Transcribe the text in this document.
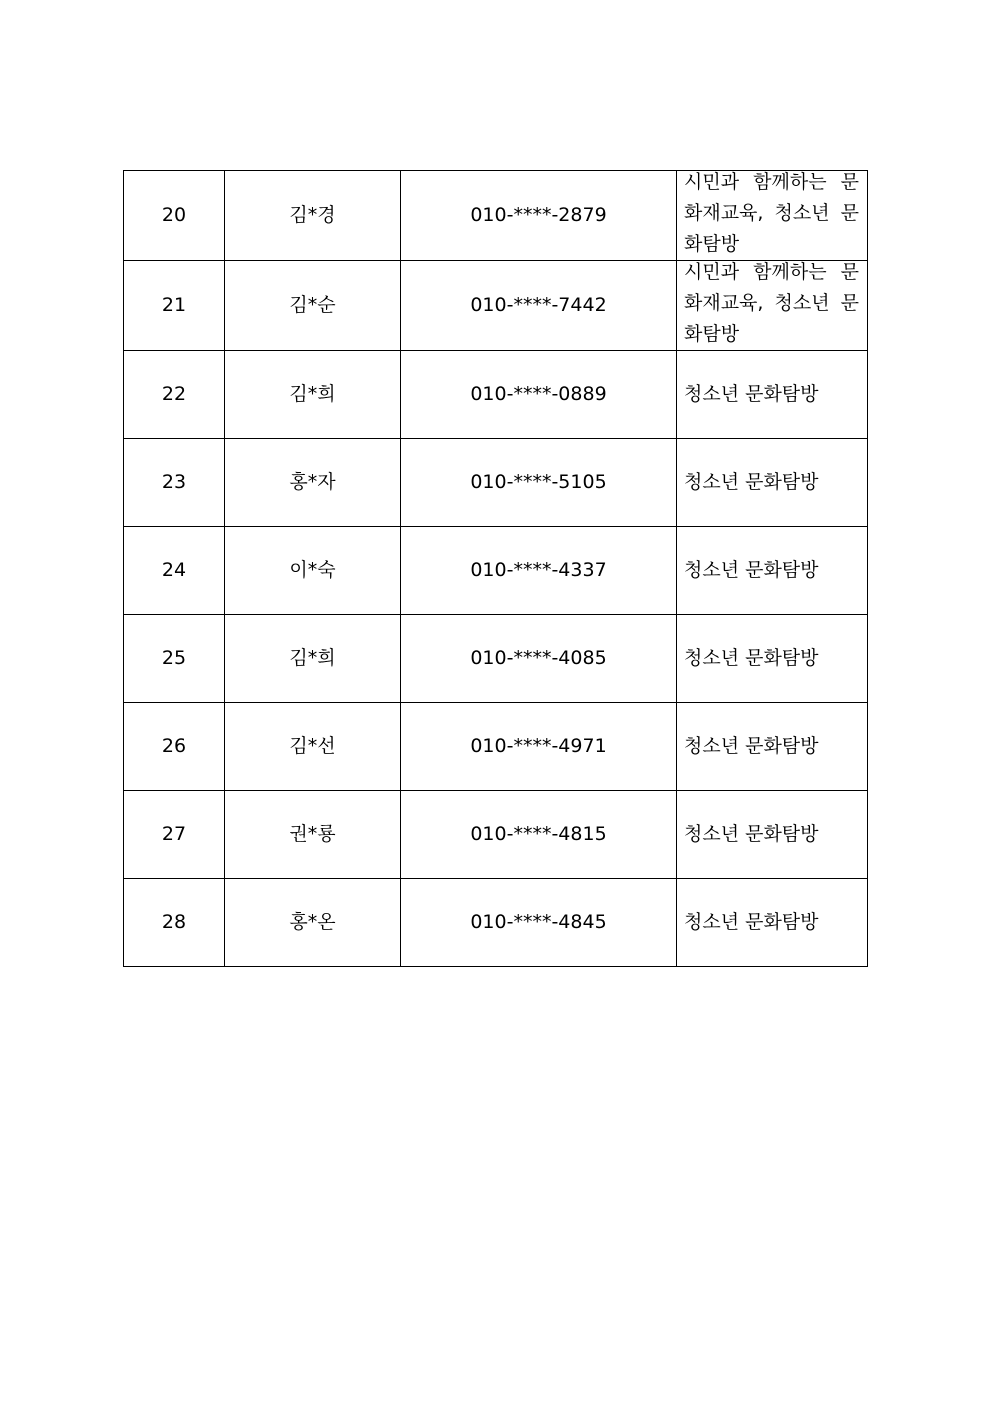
20	김*경	010-****-2879	시민과 함께하는 문화재교육, 청소년 문화탐방

21	김*순	010-****-7442	시민과 함께하는 문화재교육, 청소년 문화탐방

22	김*희	010-****-0889	청소년 문화탐방

23	홍*자	010-****-5105	청소년 문화탐방

24	이*숙	010-****-4337	청소년 문화탐방

25	김*희	010-****-4085	청소년 문화탐방

26	김*선	010-****-4971	청소년 문화탐방

27	권*룡	010-****-4815	청소년 문화탐방

28	홍*온	010-****-4845	청소년 문화탐방
